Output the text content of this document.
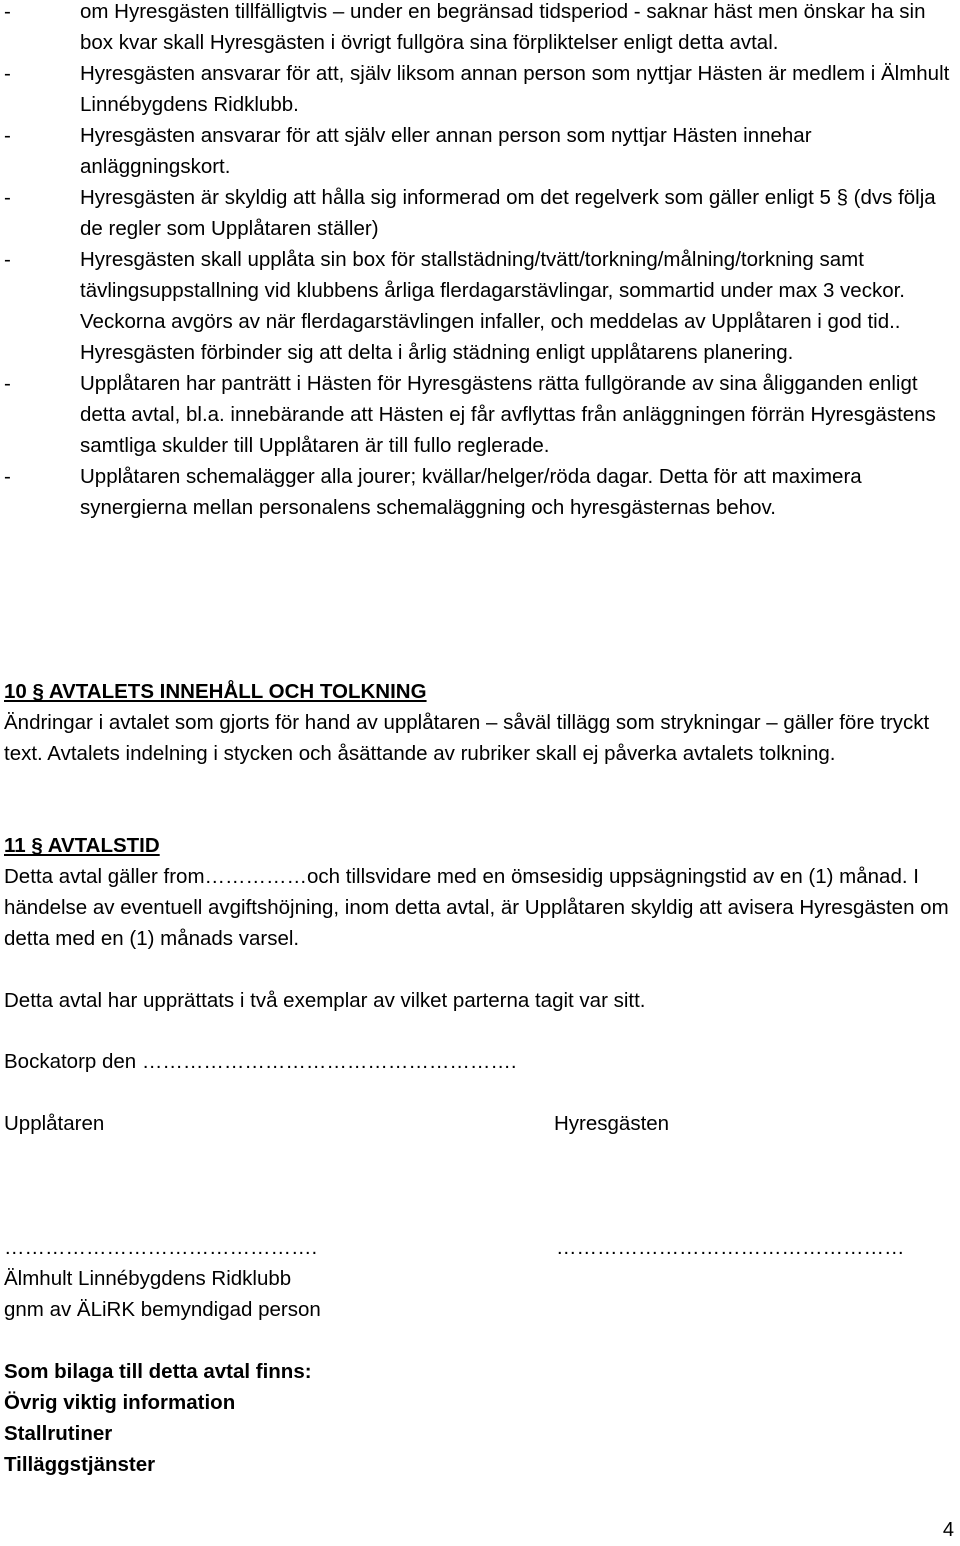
-	om Hyresgästen tillfälligtvis – under en begränsad tidsperiod - saknar häst men önskar ha sin box kvar skall Hyresgästen i övrigt fullgöra sina förpliktelser enligt detta avtal.
-	Hyresgästen ansvarar för att, själv liksom annan person som nyttjar Hästen är medlem i Älmhult Linnébygdens Ridklubb.
-	Hyresgästen ansvarar för att själv eller annan person som nyttjar Hästen innehar anläggningskort.
-	Hyresgästen är skyldig att hålla sig informerad om det regelverk som gäller enligt 5 § (dvs följa de regler som Upplåtaren ställer)
-	Hyresgästen skall upplåta sin box för stallstädning/tvätt/torkning/målning/torkning samt tävlingsuppstallning vid klubbens årliga flerdagarstävlingar, sommartid under max 3 veckor. Veckorna avgörs av när flerdagarstävlingen infaller, och meddelas av Upplåtaren i god tid.. Hyresgästen förbinder sig att delta i årlig städning enligt upplåtarens planering.
-	Upplåtaren har panträtt i Hästen för Hyresgästens rätta fullgörande av sina åligganden enligt detta avtal, bl.a. innebärande att Hästen ej får avflyttas från anläggningen förrän Hyresgästens samtliga skulder till Upplåtaren är till fullo reglerade.
-	Upplåtaren schemalägger alla jourer; kvällar/helger/röda dagar. Detta för att maximera synergierna mellan personalens schemaläggning och hyresgästernas behov.
10 § AVTALETS INNEHÅLL OCH TOLKNING
Ändringar i avtalet som gjorts för hand av upplåtaren – såväl tillägg som strykningar – gäller före tryckt text. Avtalets indelning i stycken och åsättande av rubriker skall ej påverka avtalets tolkning.
11 § AVTALSTID
Detta avtal gäller from……………och tillsvidare med en ömsesidig uppsägningstid av en (1) månad. I händelse av eventuell avgiftshöjning, inom detta avtal, är Upplåtaren skyldig att avisera Hyresgästen om detta med en (1) månads varsel.
Detta avtal har upprättats i två exemplar av vilket parterna tagit var sitt.
Bockatorp den ……………………………………………….
Upplåtaren	Hyresgästen
……………………………………….	……………………………………………
Älmhult Linnébygdens Ridklubb
gnm av ÄLiRK bemyndigad person
Som bilaga till detta avtal finns:
Övrig viktig information
Stallrutiner
Tilläggstjänster
4
